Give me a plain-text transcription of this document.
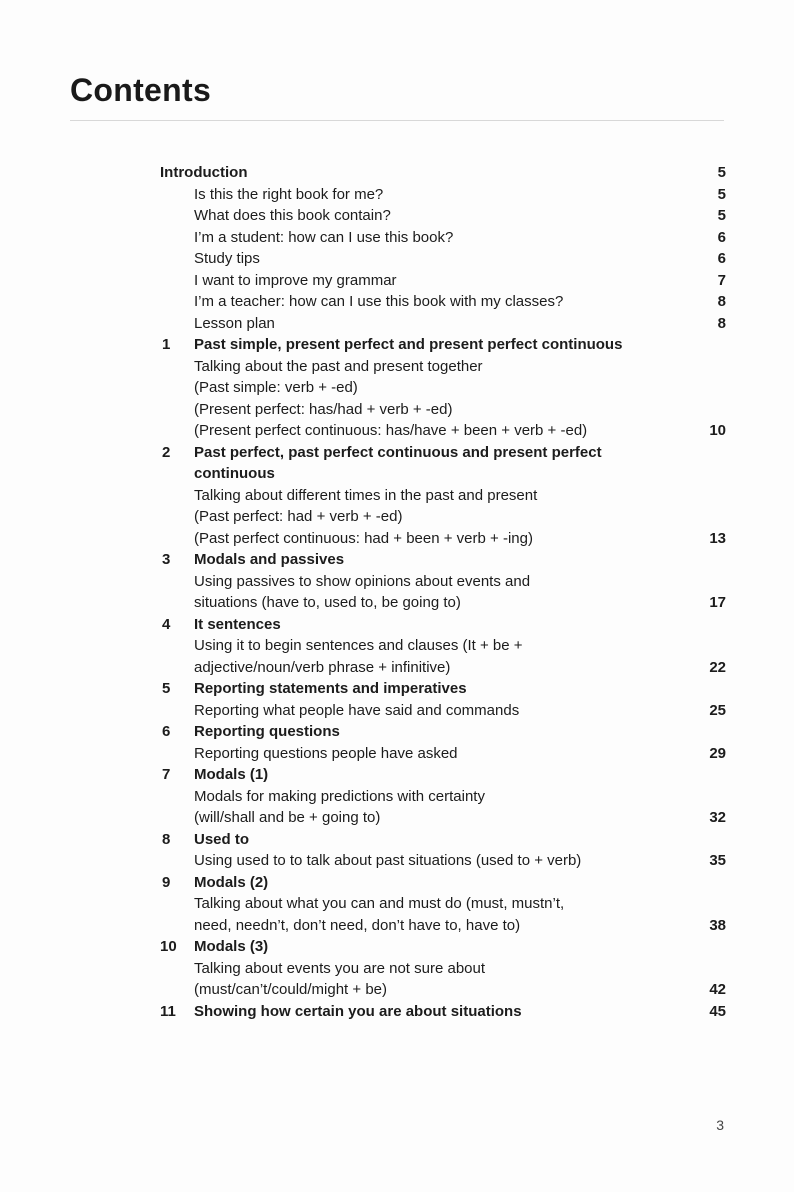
Contents
Introduction	5
Is this the right book for me?	5
What does this book contain?	5
I’m a student: how can I use this book?	6
Study tips	6
I want to improve my grammar	7
I’m a teacher: how can I use this book with my classes?	8
Lesson plan	8
1	Past simple, present perfect and present perfect continuous
Talking about the past and present together
(Past simple: verb + -ed)
(Present perfect: has/had + verb + -ed)
(Present perfect continuous: has/have + been + verb + -ed)	10
2	Past perfect, past perfect continuous and present perfect continuous
Talking about different times in the past and present
(Past perfect: had + verb + -ed)
(Past perfect continuous: had + been + verb + -ing)	13
3	Modals and passives
Using passives to show opinions about events and
situations (have to, used to, be going to)	17
4	It sentences
Using it to begin sentences and clauses (It + be +
adjective/noun/verb phrase + infinitive)	22
5	Reporting statements and imperatives
Reporting what people have said and commands	25
6	Reporting questions
Reporting questions people have asked	29
7	Modals (1)
Modals for making predictions with certainty
(will/shall and be + going to)	32
8	Used to
Using used to to talk about past situations (used to + verb)	35
9	Modals (2)
Talking about what you can and must do (must, mustn’t,
need, needn’t, don’t need, don’t have to, have to)	38
10	Modals (3)
Talking about events you are not sure about
(must/can’t/could/might + be)	42
11	Showing how certain you are about situations	45
3
